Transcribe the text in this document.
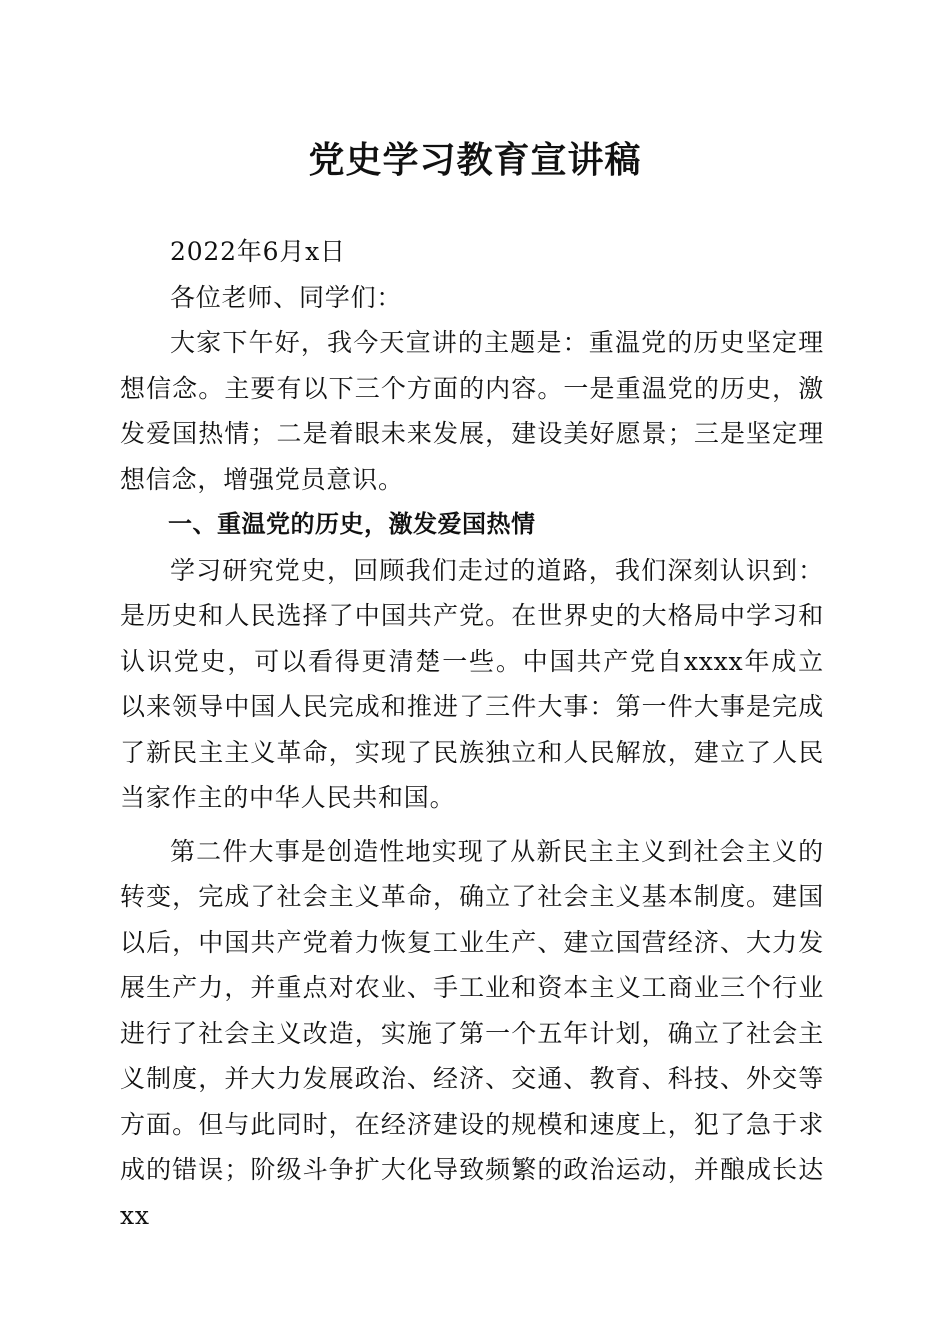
党史学习教育宣讲稿

2022年6月x日

各位老师、同学们：

大家下午好，我今天宣讲的主题是：重温党的历史坚定理想信念。主要有以下三个方面的内容。一是重温党的历史，激发爱国热情；二是着眼未来发展，建设美好愿景；三是坚定理想信念，增强党员意识。

一、重温党的历史，激发爱国热情

学习研究党史，回顾我们走过的道路，我们深刻认识到：是历史和人民选择了中国共产党。在世界史的大格局中学习和认识党史，可以看得更清楚一些。中国共产党自xxxx年成立以来领导中国人民完成和推进了三件大事：第一件大事是完成了新民主主义革命，实现了民族独立和人民解放，建立了人民当家作主的中华人民共和国。

第二件大事是创造性地实现了从新民主主义到社会主义的转变，完成了社会主义革命，确立了社会主义基本制度。建国以后，中国共产党着力恢复工业生产、建立国营经济、大力发展生产力，并重点对农业、手工业和资本主义工商业三个行业进行了社会主义改造，实施了第一个五年计划，确立了社会主义制度，并大力发展政治、经济、交通、教育、科技、外交等方面。但与此同时，在经济建设的规模和速度上，犯了急于求成的错误；阶级斗争扩大化导致频繁的政治运动，并酿成长达xx
